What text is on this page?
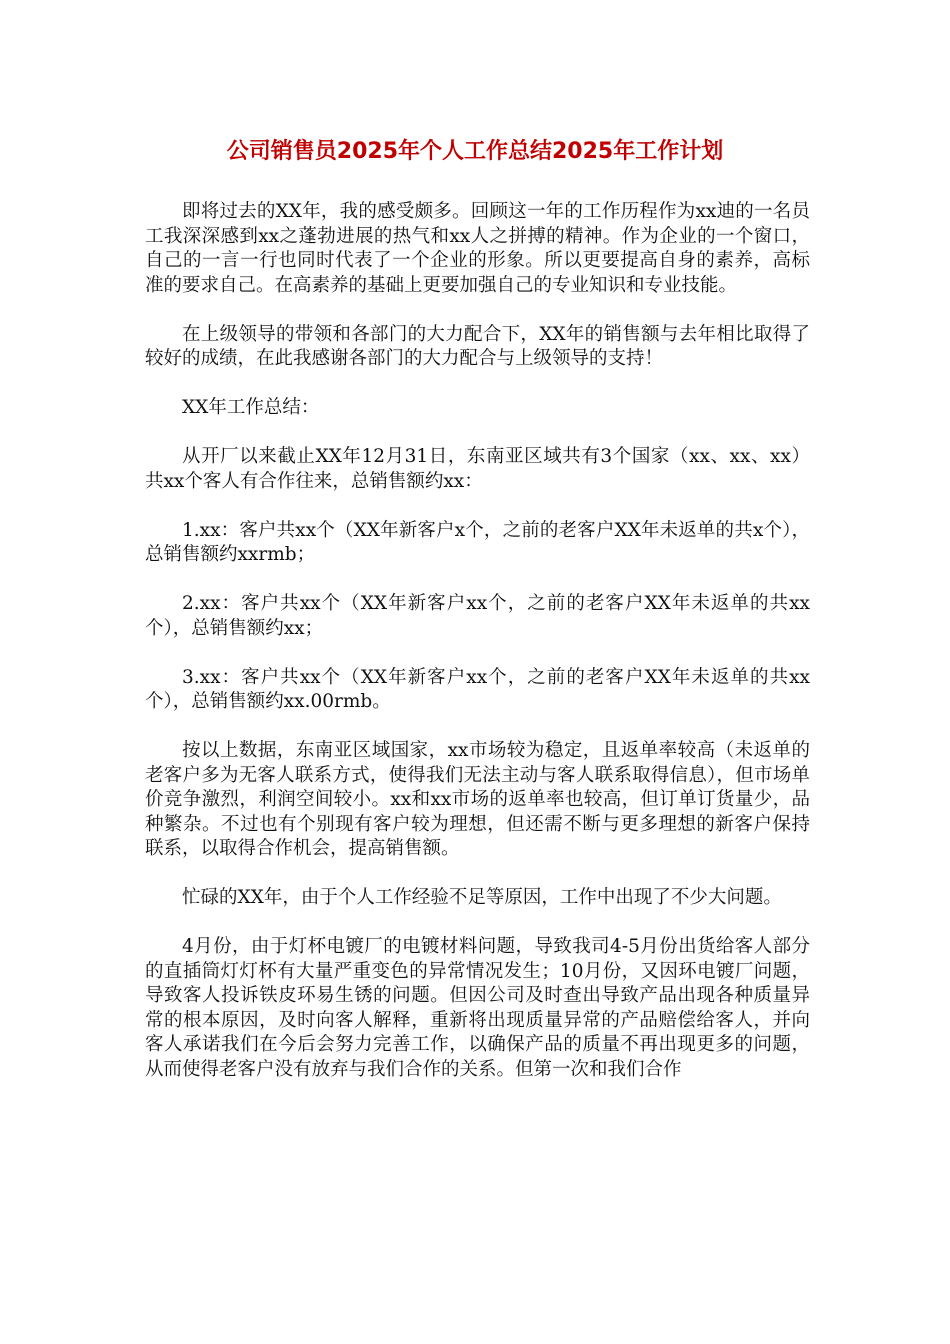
公司销售员2025年个人工作总结2025年工作计划

即将过去的XX年，我的感受颇多。回顾这一年的工作历程作为xx迪的一名员工我深深感到xx之蓬勃进展的热气和xx人之拼搏的精神。作为企业的一个窗口，自己的一言一行也同时代表了一个企业的形象。所以更要提高自身的素养，高标准的要求自己。在高素养的基础上更要加强自己的专业知识和专业技能。

在上级领导的带领和各部门的大力配合下，XX年的销售额与去年相比取得了较好的成绩，在此我感谢各部门的大力配合与上级领导的支持！

XX年工作总结：

从开厂以来截止XX年12月31日，东南亚区域共有3个国家（xx、xx、xx）共xx个客人有合作往来，总销售额约xx：

1.xx：客户共xx个（XX年新客户x个，之前的老客户XX年未返单的共x个），总销售额约xxrmb；

2.xx：客户共xx个（XX年新客户xx个，之前的老客户XX年未返单的共xx个），总销售额约xx；

3.xx：客户共xx个（XX年新客户xx个，之前的老客户XX年未返单的共xx个），总销售额约xx.00rmb。

按以上数据，东南亚区域国家，xx市场较为稳定，且返单率较高（未返单的老客户多为无客人联系方式，使得我们无法主动与客人联系取得信息），但市场单价竞争激烈，利润空间较小。xx和xx市场的返单率也较高，但订单订货量少，品种繁杂。不过也有个别现有客户较为理想，但还需不断与更多理想的新客户保持联系，以取得合作机会，提高销售额。

忙碌的XX年，由于个人工作经验不足等原因，工作中出现了不少大问题。

4月份，由于灯杯电镀厂的电镀材料问题，导致我司4-5月份出货给客人部分的直插筒灯灯杯有大量严重变色的异常情况发生；10月份，又因环电镀厂问题，导致客人投诉铁皮环易生锈的问题。但因公司及时查出导致产品出现各种质量异常的根本原因，及时向客人解释，重新将出现质量异常的产品赔偿给客人，并向客人承诺我们在今后会努力完善工作，以确保产品的质量不再出现更多的问题，从而使得老客户没有放弃与我们合作的关系。但第一次和我们合作
